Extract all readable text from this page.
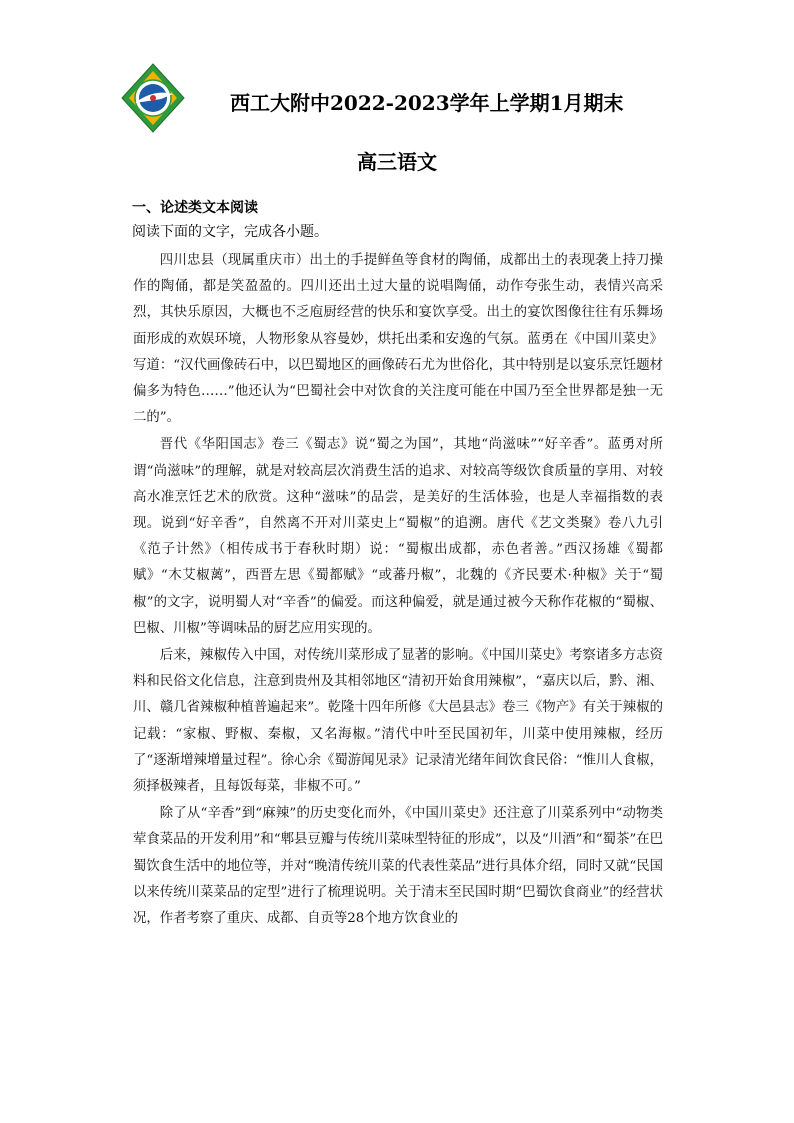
西工大附中2022-2023学年上学期1月期末
高三语文
一、论述类文本阅读
阅读下面的文字，完成各小题。

四川忠县（现属重庆市）出土的手提鲜鱼等食材的陶俑，成都出土的表现袭上持刀操作的陶俑，都是笑盈盈的。四川还出土过大量的说唱陶俑，动作夸张生动，表情兴高采烈，其快乐原因，大概也不乏庖厨经营的快乐和宴饮享受。出土的宴饮图像往往有乐舞场面形成的欢娱环境，人物形象从容曼妙，烘托出柔和安逸的气氛。蓝勇在《中国川菜史》写道：“汉代画像砖石中，以巴蜀地区的画像砖石尤为世俗化，其中特别是以宴乐烹饪题材偏多为特色……”他还认为“巴蜀社会中对饮食的关注度可能在中国乃至全世界都是独一无二的”。

晋代《华阳国志》卷三《蜀志》说“蜀之为国”，其地“尚滋味”“好辛香”。蓝勇对所谓“尚滋味”的理解，就是对较高层次消费生活的追求、对较高等级饮食质量的享用、对较高水准烹饪艺术的欣赏。这种“滋味”的品尝，是美好的生活体验，也是人幸福指数的表现。说到“好辛香”，自然离不开对川菜史上“蜀椒”的追溯。唐代《艺文类聚》卷八九引《范子计然》（相传成书于春秋时期）说：“蜀椒出成都，赤色者善。”西汉扬雄《蜀都赋》“木艾椒蓠”，西晋左思《蜀都赋》“或蕃丹椒”，北魏的《齐民要术·种椒》关于“蜀椒”的文字，说明蜀人对“辛香”的偏爱。而这种偏爱，就是通过被今天称作花椒的“蜀椒、巴椒、川椒”等调味品的厨艺应用实现的。

后来，辣椒传入中国，对传统川菜形成了显著的影响。《中国川菜史》考察诸多方志资料和民俗文化信息，注意到贵州及其相邻地区“清初开始食用辣椒”，“嘉庆以后，黔、湘、川、赣几省辣椒种植普遍起来”。乾隆十四年所修《大邑县志》卷三《物产》有关于辣椒的记载：“家椒、野椒、秦椒，又名海椒。”清代中叶至民国初年，川菜中使用辣椒，经历了“逐渐增辣增量过程”。徐心余《蜀游闻见录》记录清光绪年间饮食民俗：“惟川人食椒，须择极辣者，且每饭每菜，非椒不可。”

除了从“辛香”到“麻辣”的历史变化而外，《中国川菜史》还注意了川菜系列中“动物类荤食菜品的开发利用”和“郫县豆瓣与传统川菜味型特征的形成”，以及“川酒”和“蜀茶”在巴蜀饮食生活中的地位等，并对“晚清传统川菜的代表性菜品”进行具体介绍，同时又就“民国以来传统川菜菜品的定型”进行了梳理说明。关于清末至民国时期“巴蜀饮食商业”的经营状况，作者考察了重庆、成都、自贡等28个地方饮食业的
